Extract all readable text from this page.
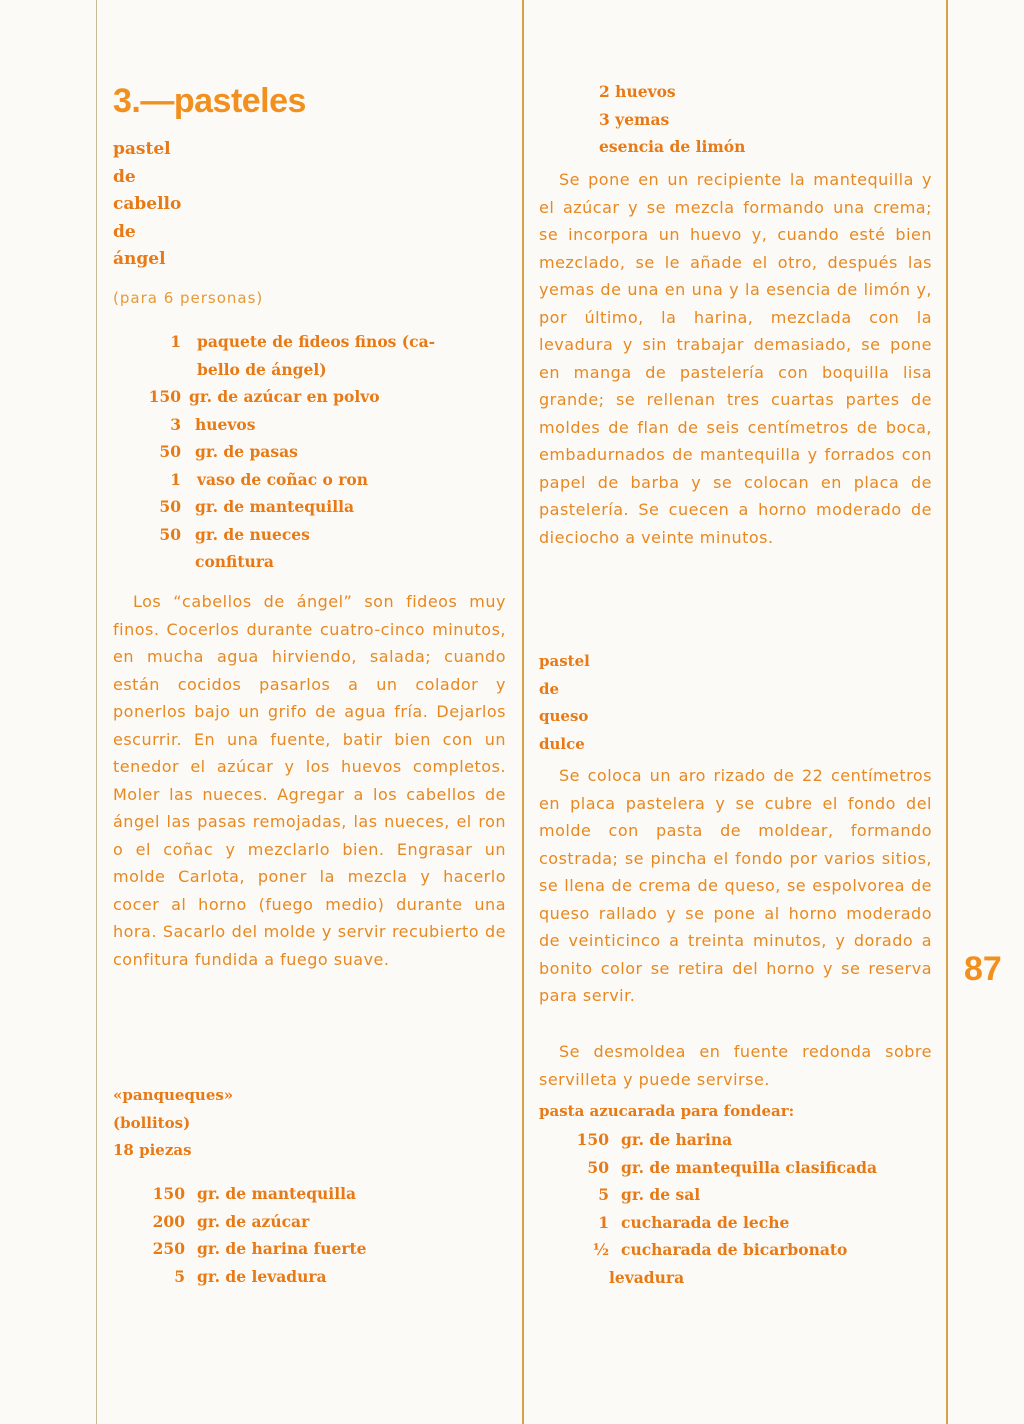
3.—pasteles
pastel
de
cabello
de
ángel
(para 6 personas)
1	paquete de fideos finos (ca-
bello de ángel)
150 gr. de azúcar en polvo
3 huevos
50 gr. de pasas
1	vaso de coñac o ron
50 gr. de mantequilla
50 gr. de nueces
confitura
Los “cabellos de ángel” son fideos muy finos. Cocerlos durante cuatro-cinco minutos, en mucha agua hirviendo, salada; cuando están cocidos pasarlos a un colador y ponerlos bajo un grifo de agua fría. Dejarlos escurrir. En una fuente, batir bien con un tenedor el azúcar y los huevos completos. Moler las nueces. Agregar a los cabellos de ángel las pasas remojadas, las nueces, el ron o el coñac y mezclarlo bien. Engrasar un molde Carlota, poner la mezcla y hacerlo cocer al horno (fuego medio) durante una hora. Sacarlo del molde y servir recubierto de confitura fundida a fuego suave.
«panqueques»
(bollitos)
18 piezas
150 gr. de mantequilla
200 gr. de azúcar
250 gr. de harina fuerte
5 gr. de levadura
2 huevos
3 yemas
esencia de limón
Se pone en un recipiente la mantequilla y el azúcar y se mezcla formando una crema; se incorpora un huevo y, cuando esté bien mezclado, se le añade el otro, después las yemas de una en una y la esencia de limón y, por último, la harina, mezclada con la levadura y sin trabajar demasiado, se pone en manga de pastelería con boquilla lisa grande; se rellenan tres cuartas partes de moldes de flan de seis centímetros de boca, embadurnados de mantequilla y forrados con papel de barba y se colocan en placa de pastelería. Se cuecen a horno moderado de dieciocho a veinte minutos.
pastel
de
queso
dulce
Se coloca un aro rizado de 22 centímetros en placa pastelera y se cubre el fondo del molde con pasta de moldear, formando costrada; se pincha el fondo por varios sitios, se llena de crema de queso, se espolvorea de queso rallado y se pone al horno moderado de veinticinco a treinta minutos, y dorado a bonito color se retira del horno y se reserva para servir.
Se desmoldea en fuente redonda sobre servilleta y puede servirse.
pasta azucarada para fondear:
150 gr. de harina
50 gr. de mantequilla clasificada
5 gr. de sal
1 cucharada de leche
½ cucharada de bicarbonato
levadura
87
